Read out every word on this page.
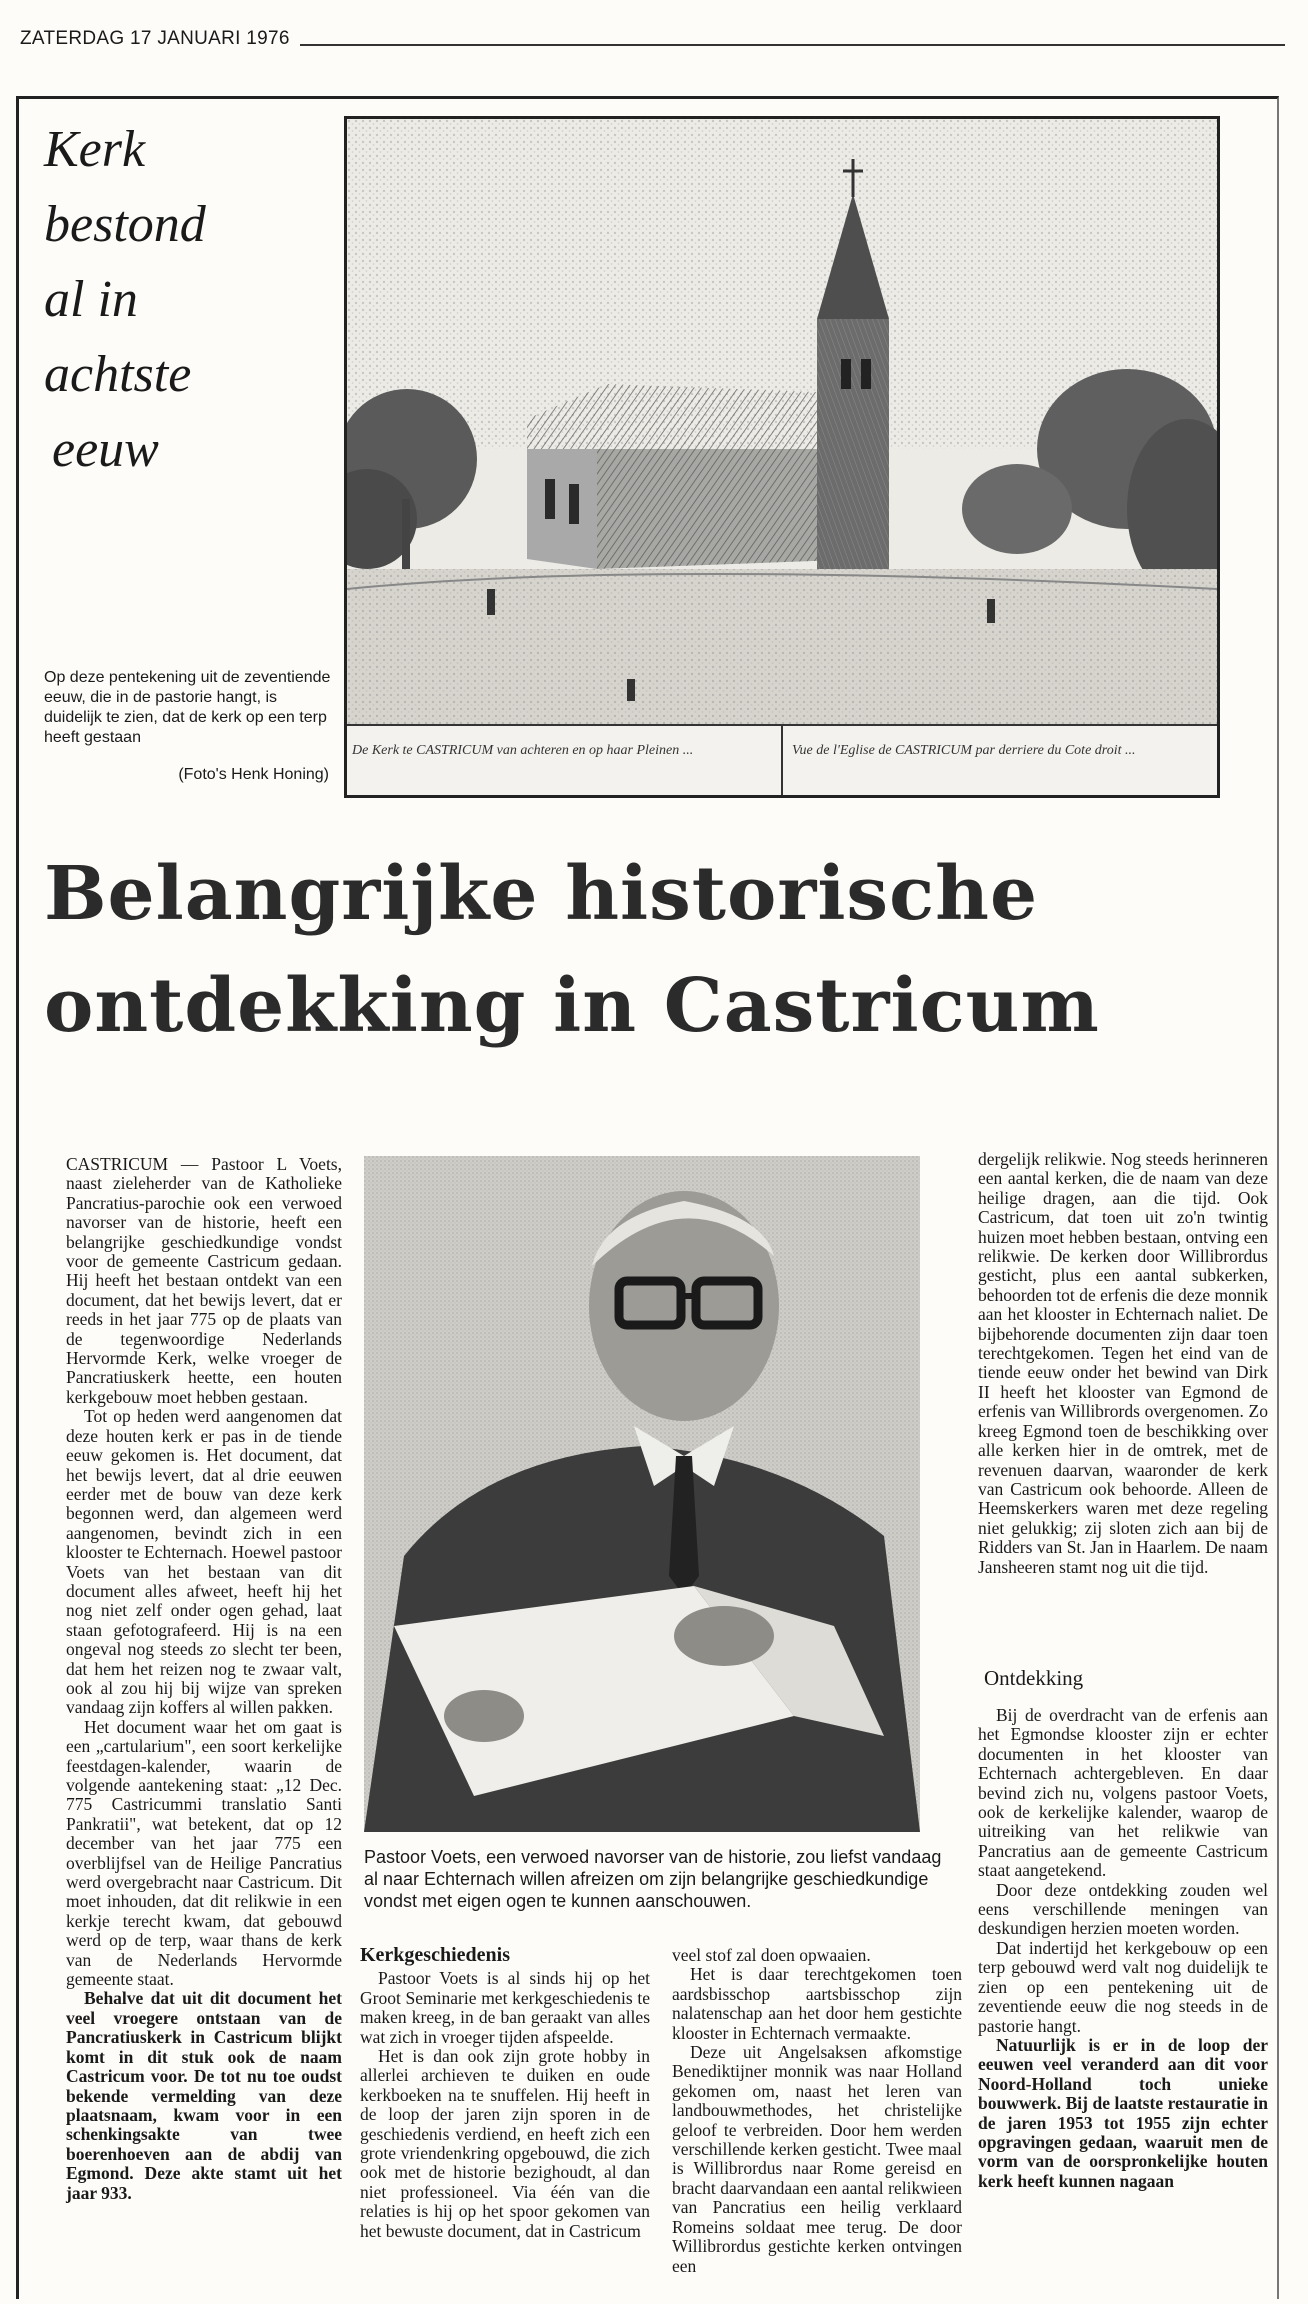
ZATERDAG 17 JANUARI 1976
Kerk
bestond
al in
achtste
eeuw
De Kerk te CASTRICUM van achteren en op haar Pleinen ...	Vue de l'Eglise de CASTRICUM par derriere du Cote droit ...
Op deze pentekening uit de zeventiende eeuw, die in de pastorie hangt, is duidelijk te zien, dat de kerk op een terp heeft gestaan
(Foto's Henk Honing)
Belangrijke historische
ontdekking in Castricum

CASTRICUM — Pastoor L Voets, naast zieleherder van de Katholieke Pancratius-parochie ook een verwoed navorser van de historie, heeft een belangrijke geschiedkundige vondst voor de gemeente Castricum gedaan. Hij heeft het bestaan ontdekt van een document, dat het bewijs levert, dat er reeds in het jaar 775 op de plaats van de tegenwoordige Nederlands Hervormde Kerk, welke vroeger de Pancratiuskerk heette, een houten kerkgebouw moet hebben gestaan.

Tot op heden werd aangenomen dat deze houten kerk er pas in de tiende eeuw gekomen is. Het document, dat het bewijs levert, dat al drie eeuwen eerder met de bouw van deze kerk begonnen werd, dan algemeen werd aangenomen, bevindt zich in een klooster te Echternach. Hoewel pastoor Voets van het bestaan van dit document alles afweet, heeft hij het nog niet zelf onder ogen gehad, laat staan gefotografeerd. Hij is na een ongeval nog steeds zo slecht ter been, dat hem het reizen nog te zwaar valt, ook al zou hij bij wijze van spreken vandaag zijn koffers al willen pakken.

Het document waar het om gaat is een „cartularium", een soort kerkelijke feestdagen-kalender, waarin de volgende aantekening staat: „12 Dec. 775 Castricummi translatio Santi Pankratii", wat betekent, dat op 12 december van het jaar 775 een overblijfsel van de Heilige Pancratius werd overgebracht naar Castricum. Dit moet inhouden, dat dit relikwie in een kerkje terecht kwam, dat gebouwd werd op de terp, waar thans de kerk van de Nederlands Hervormde gemeente staat.

Behalve dat uit dit document het veel vroegere ontstaan van de Pancratiuskerk in Castricum blijkt komt in dit stuk ook de naam Castricum voor. De tot nu toe oudst bekende vermelding van deze plaatsnaam, kwam voor in een schenkingsakte van twee boerenhoeven aan de abdij van Egmond. Deze akte stamt uit het jaar 933.

Pastoor Voets, een verwoed navorser van de historie, zou liefst vandaag al naar Echternach willen afreizen om zijn belangrijke geschiedkundige vondst met eigen ogen te kunnen aanschouwen.
Kerkgeschiedenis

Pastoor Voets is al sinds hij op het Groot Seminarie met kerkgeschiedenis te maken kreeg, in de ban geraakt van alles wat zich in vroeger tijden afspeelde.

Het is dan ook zijn grote hobby in allerlei archieven te duiken en oude kerkboeken na te snuffelen. Hij heeft in de loop der jaren zijn sporen in de geschiedenis verdiend, en heeft zich een grote vriendenkring opgebouwd, die zich ook met de historie bezighoudt, al dan niet professioneel. Via één van die relaties is hij op het spoor gekomen van het bewuste document, dat in Castricum

veel stof zal doen opwaaien.

Het is daar terechtgekomen toen aardsbisschop aartsbisschop zijn nalatenschap aan het door hem gestichte klooster in Echternach vermaakte.

Deze uit Angelsaksen afkomstige Benediktijner monnik was naar Holland gekomen om, naast het leren van landbouwmethodes, het christelijke geloof te verbreiden. Door hem werden verschillende kerken gesticht. Twee maal is Willibrordus naar Rome gereisd en bracht daarvandaan een aantal relikwieen van Pancratius een heilig verklaard Romeins soldaat mee terug. De door Willibrordus gestichte kerken ontvingen een

dergelijk relikwie. Nog steeds herinneren een aantal kerken, die de naam van deze heilige dragen, aan die tijd. Ook Castricum, dat toen uit zo'n twintig huizen moet hebben bestaan, ontving een relikwie. De kerken door Willibrordus gesticht, plus een aantal subkerken, behoorden tot de erfenis die deze monnik aan het klooster in Echternach naliet. De bijbehorende documenten zijn daar toen terechtgekomen. Tegen het eind van de tiende eeuw onder het bewind van Dirk II heeft het klooster van Egmond de erfenis van Willibrords overgenomen. Zo kreeg Egmond toen de beschikking over alle kerken hier in de omtrek, met de revenuen daarvan, waaronder de kerk van Castricum ook behoorde. Alleen de Heemskerkers waren met deze regeling niet gelukkig; zij sloten zich aan bij de Ridders van St. Jan in Haarlem. De naam Jansheeren stamt nog uit die tijd.

Ontdekking

Bij de overdracht van de erfenis aan het Egmondse klooster zijn er echter documenten in het klooster van Echternach achtergebleven. En daar bevind zich nu, volgens pastoor Voets, ook de kerkelijke kalender, waarop de uitreiking van het relikwie van Pancratius aan de gemeente Castricum staat aangetekend.

Door deze ontdekking zouden wel eens verschillende meningen van deskundigen herzien moeten worden.

Dat indertijd het kerkgebouw op een terp gebouwd werd valt nog duidelijk te zien op een pentekening uit de zeventiende eeuw die nog steeds in de pastorie hangt.

Natuurlijk is er in de loop der eeuwen veel veranderd aan dit voor Noord-Holland toch unieke bouwwerk. Bij de laatste restauratie in de jaren 1953 tot 1955 zijn echter opgravingen gedaan, waaruit men de vorm van de oorspronkelijke houten kerk heeft kunnen nagaan
